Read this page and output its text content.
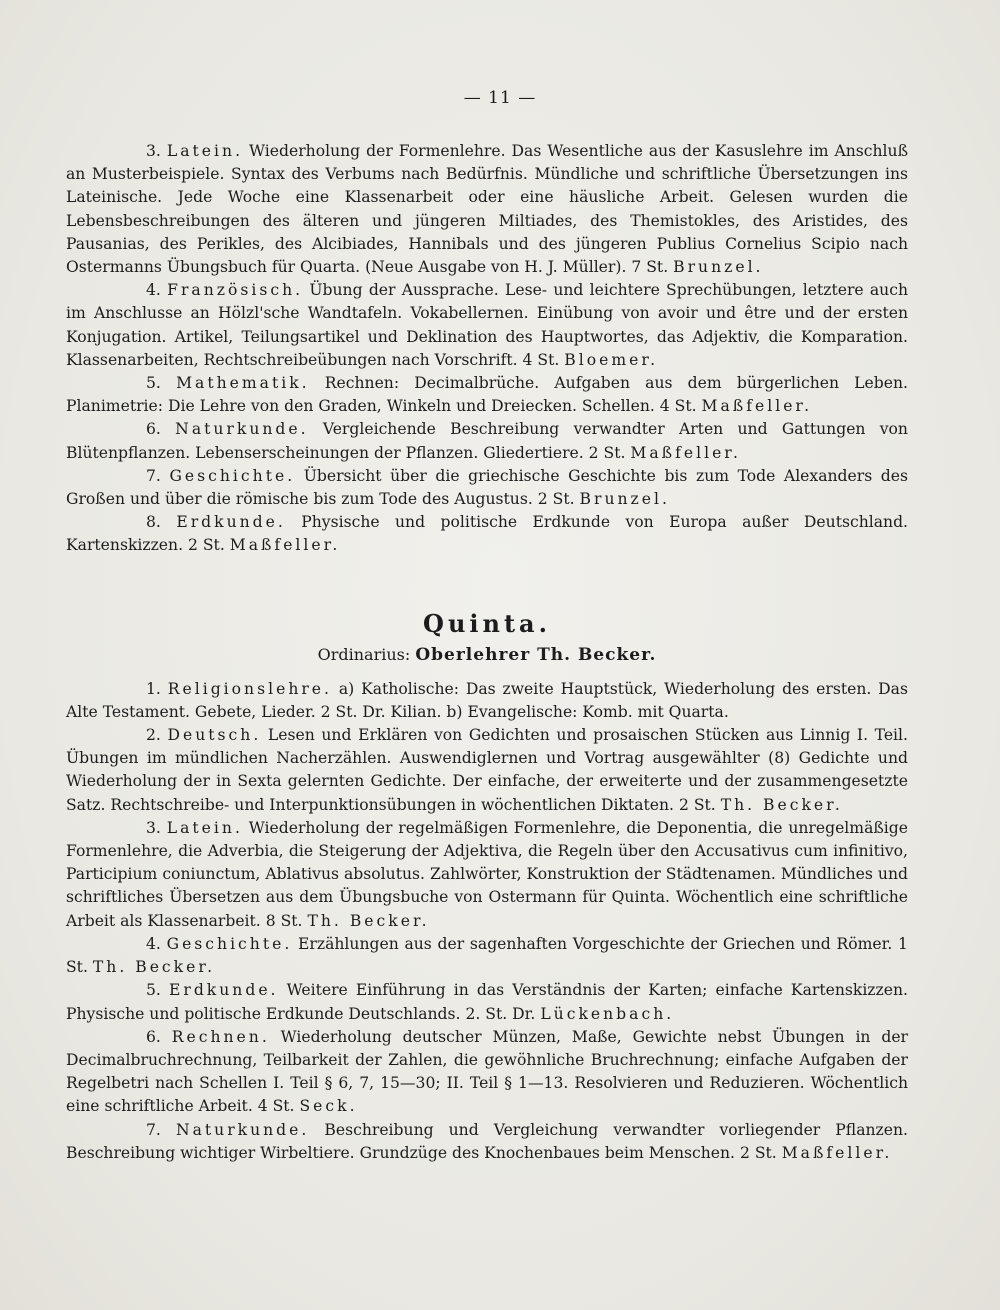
— 11 —

3. Latein. Wiederholung der Formenlehre. Das Wesentliche aus der Kasuslehre im Anschluß an Musterbeispiele. Syntax des Verbums nach Bedürfnis. Mündliche und schriftliche Übersetzungen ins Lateinische. Jede Woche eine Klassenarbeit oder eine häusliche Arbeit. Gelesen wurden die Lebensbeschreibungen des älteren und jüngeren Miltiades, des Themistokles, des Aristides, des Pausanias, des Perikles, des Alcibiades, Hannibals und des jüngeren Publius Cornelius Scipio nach Ostermanns Übungsbuch für Quarta. (Neue Ausgabe von H. J. Müller). 7 St. Brunzel.

4. Französisch. Übung der Aussprache. Lese- und leichtere Sprechübungen, letztere auch im Anschlusse an Hölzl'sche Wandtafeln. Vokabellernen. Einübung von avoir und être und der ersten Konjugation. Artikel, Teilungsartikel und Deklination des Hauptwortes, das Adjektiv, die Komparation. Klassenarbeiten, Rechtschreibeübungen nach Vorschrift. 4 St. Bloemer.

5. Mathematik. Rechnen: Decimalbrüche. Aufgaben aus dem bürgerlichen Leben. Planimetrie: Die Lehre von den Graden, Winkeln und Dreiecken. Schellen. 4 St. Maßfeller.

6. Naturkunde. Vergleichende Beschreibung verwandter Arten und Gattungen von Blütenpflanzen. Lebenserscheinungen der Pflanzen. Gliedertiere. 2 St. Maßfeller.

7. Geschichte. Übersicht über die griechische Geschichte bis zum Tode Alexanders des Großen und über die römische bis zum Tode des Augustus. 2 St. Brunzel.

8. Erdkunde. Physische und politische Erdkunde von Europa außer Deutschland. Kartenskizzen. 2 St. Maßfeller.

Quinta.
Ordinarius: Oberlehrer Th. Becker.

1. Religionslehre. a) Katholische: Das zweite Hauptstück, Wiederholung des ersten. Das Alte Testament. Gebete, Lieder. 2 St. Dr. Kilian. b) Evangelische: Komb. mit Quarta.

2. Deutsch. Lesen und Erklären von Gedichten und prosaischen Stücken aus Linnig I. Teil. Übungen im mündlichen Nacherzählen. Auswendiglernen und Vortrag ausgewählter (8) Gedichte und Wiederholung der in Sexta gelernten Gedichte. Der einfache, der erweiterte und der zusammengesetzte Satz. Rechtschreibe- und Interpunktionsübungen in wöchentlichen Diktaten. 2 St. Th. Becker.

3. Latein. Wiederholung der regelmäßigen Formenlehre, die Deponentia, die unregelmäßige Formenlehre, die Adverbia, die Steigerung der Adjektiva, die Regeln über den Accusativus cum infinitivo, Participium coniunctum, Ablativus absolutus. Zahlwörter, Konstruktion der Städtenamen. Mündliches und schriftliches Übersetzen aus dem Übungsbuche von Ostermann für Quinta. Wöchentlich eine schriftliche Arbeit als Klassenarbeit. 8 St. Th. Becker.

4. Geschichte. Erzählungen aus der sagenhaften Vorgeschichte der Griechen und Römer. 1 St. Th. Becker.

5. Erdkunde. Weitere Einführung in das Verständnis der Karten; einfache Kartenskizzen. Physische und politische Erdkunde Deutschlands. 2. St. Dr. Lückenbach.

6. Rechnen. Wiederholung deutscher Münzen, Maße, Gewichte nebst Übungen in der Decimalbruchrechnung, Teilbarkeit der Zahlen, die gewöhnliche Bruchrechnung; einfache Aufgaben der Regelbetri nach Schellen I. Teil § 6, 7, 15—30; II. Teil § 1—13. Resolvieren und Reduzieren. Wöchentlich eine schriftliche Arbeit. 4 St. Seck.

7. Naturkunde. Beschreibung und Vergleichung verwandter vorliegender Pflanzen. Beschreibung wichtiger Wirbeltiere. Grundzüge des Knochenbaues beim Menschen. 2 St. Maßfeller.
